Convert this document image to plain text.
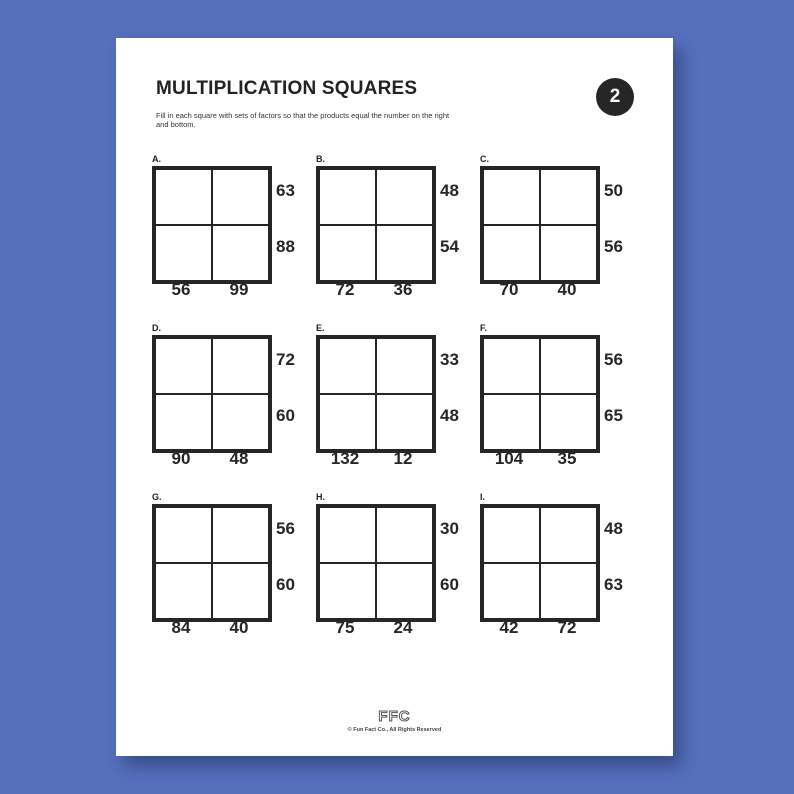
MULTIPLICATION SQUARES	2
Fill in each square with sets of factors so that the products equal the number on the right and bottom.
A.
63
88
56	99
B.
48
54
72	36
C.
50
56
70	40
D.
72
60
90	48
E.
33
48
132	12
F.
56
65
104	35
G.
56
60
84	40
H.
30
60
75	24
I.
48
63
42	72
FFC
© Fun Fact Co., All Rights Reserved
